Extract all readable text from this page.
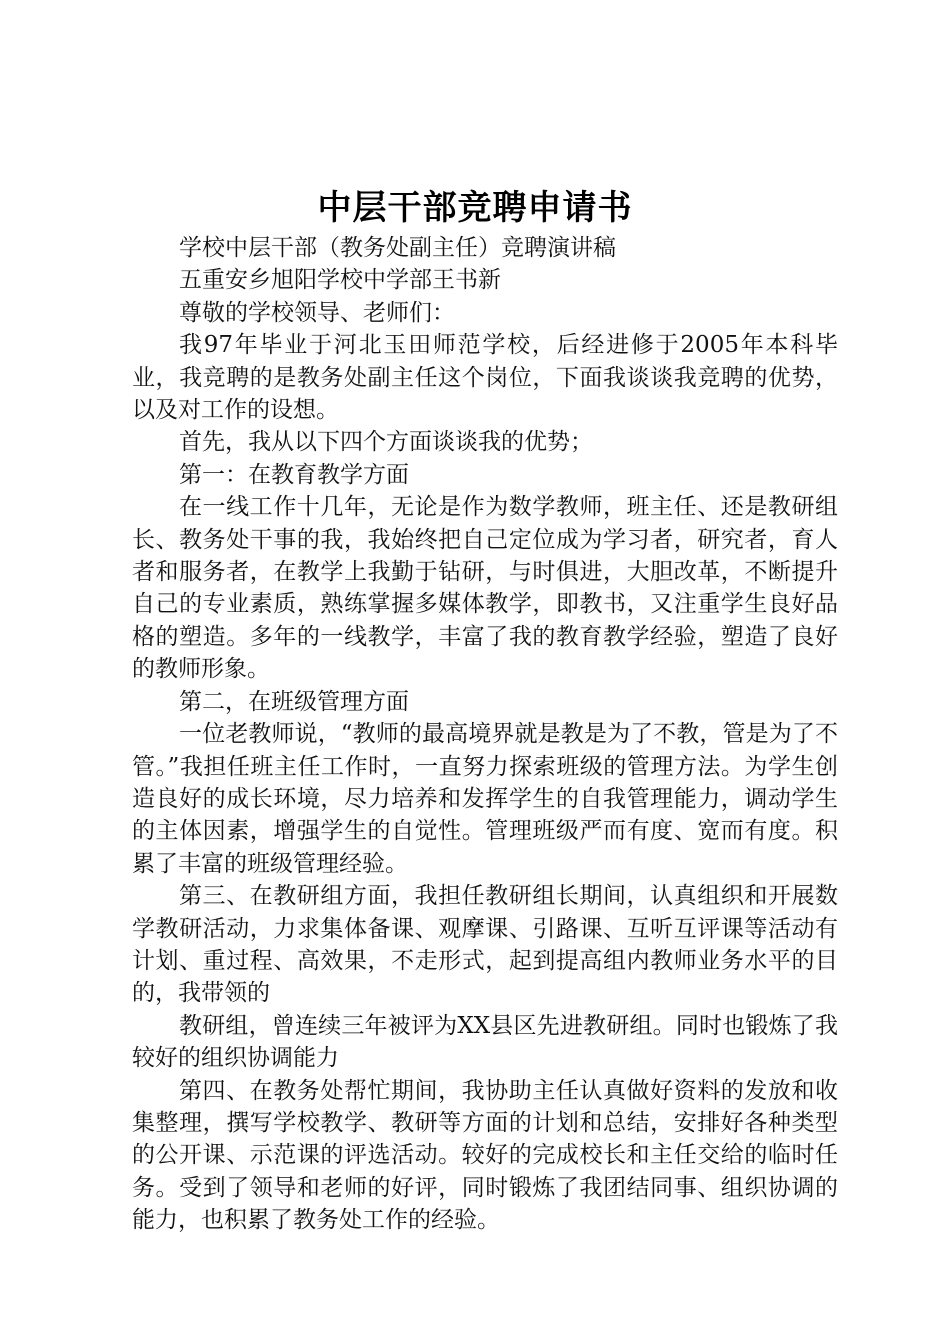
中层干部竞聘申请书

学校中层干部（教务处副主任）竞聘演讲稿

五重安乡旭阳学校中学部王书新

尊敬的学校领导、老师们：

我97年毕业于河北玉田师范学校，后经进修于2005年本科毕业，我竞聘的是教务处副主任这个岗位，下面我谈谈我竞聘的优势，以及对工作的设想。

首先，我从以下四个方面谈谈我的优势；

第一：在教育教学方面

在一线工作十几年，无论是作为数学教师，班主任、还是教研组长、教务处干事的我，我始终把自己定位成为学习者，研究者，育人者和服务者，在教学上我勤于钻研，与时俱进，大胆改革，不断提升自己的专业素质，熟练掌握多媒体教学，即教书，又注重学生良好品格的塑造。多年的一线教学，丰富了我的教育教学经验，塑造了良好的教师形象。

第二，在班级管理方面

一位老教师说，“教师的最高境界就是教是为了不教，管是为了不管。”我担任班主任工作时，一直努力探索班级的管理方法。为学生创造良好的成长环境，尽力培养和发挥学生的自我管理能力，调动学生的主体因素，增强学生的自觉性。管理班级严而有度、宽而有度。积累了丰富的班级管理经验。

第三、在教研组方面，我担任教研组长期间，认真组织和开展数学教研活动，力求集体备课、观摩课、引路课、互听互评课等活动有计划、重过程、高效果，不走形式，起到提高组内教师业务水平的目的，我带领的

教研组，曾连续三年被评为XX县区先进教研组。同时也锻炼了我较好的组织协调能力

第四、在教务处帮忙期间，我协助主任认真做好资料的发放和收集整理，撰写学校教学、教研等方面的计划和总结，安排好各种类型的公开课、示范课的评选活动。较好的完成校长和主任交给的临时任务。受到了领导和老师的好评，同时锻炼了我团结同事、组织协调的能力，也积累了教务处工作的经验。
